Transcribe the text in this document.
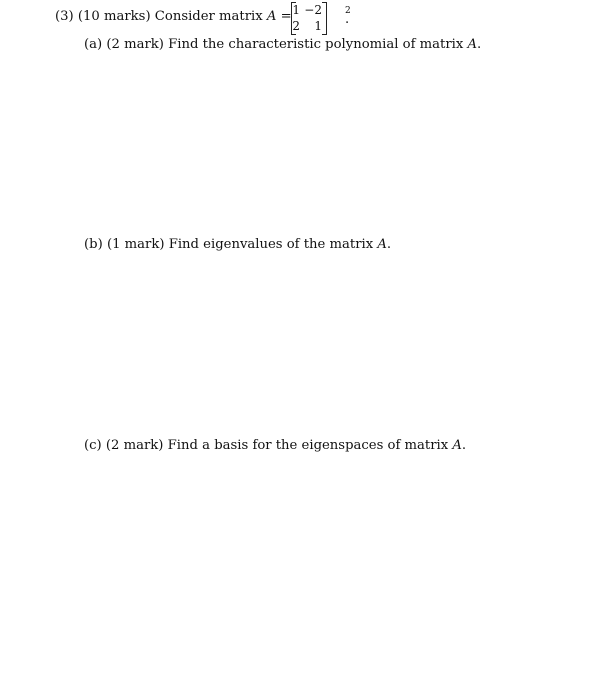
(3) (10 marks) Consider matrix A = 1 −2
2	1
2
.
(a) (2 mark) Find the characteristic polynomial of matrix A.
(b) (1 mark) Find eigenvalues of the matrix A.
(c) (2 mark) Find a basis for the eigenspaces of matrix A.
